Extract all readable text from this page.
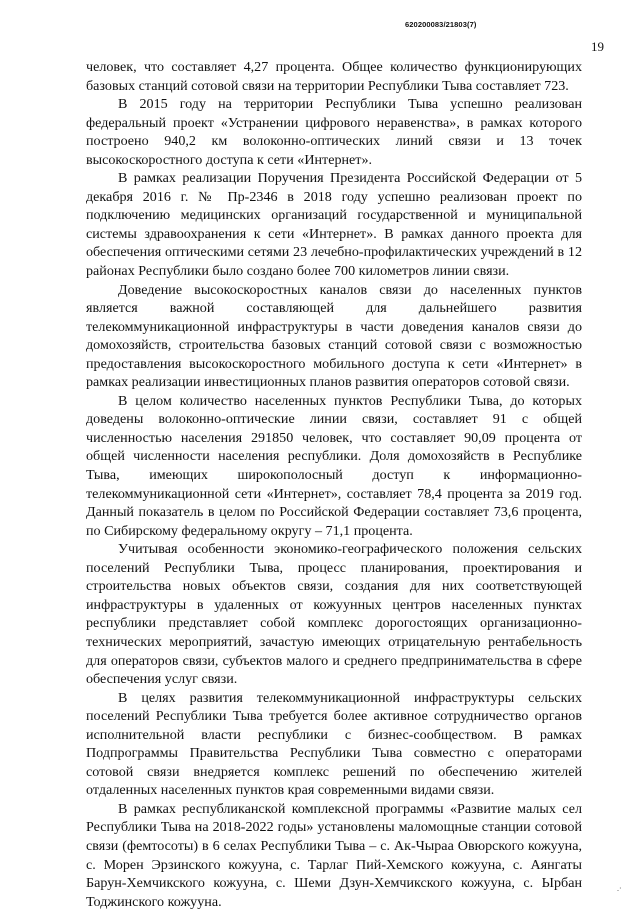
620200083/21803(7)
19

человек, что составляет 4,27 процента. Общее количество функционирующих базовых станций сотовой связи на территории Республики Тыва составляет 723.

В 2015 году на территории Республики Тыва успешно реализован федеральный проект «Устранении цифрового неравенства», в рамках которого построено 940,2 км волоконно-оптических линий связи и 13 точек высокоскоростного доступа к сети «Интернет».

В рамках реализации Поручения Президента Российской Федерации от 5 декабря 2016 г. № Пр-2346 в 2018 году успешно реализован проект по подключению медицинских организаций государственной и муниципальной системы здравоохранения к сети «Интернет». В рамках данного проекта для обеспечения оптическими сетями 23 лечебно-профилактических учреждений в 12 районах Республики было создано более 700 километров линии связи.

Доведение высокоскоростных каналов связи до населенных пунктов является важной составляющей для дальнейшего развития телекоммуникационной инфраструктуры в части доведения каналов связи до домохозяйств, строительства базовых станций сотовой связи с возможностью предоставления высокоскоростного мобильного доступа к сети «Интернет» в рамках реализации инвестиционных планов развития операторов сотовой связи.

В целом количество населенных пунктов Республики Тыва, до которых доведены волоконно-оптические линии связи, составляет 91 с общей численностью населения 291850 человек, что составляет 90,09 процента от общей численности населения республики. Доля домохозяйств в Республике Тыва, имеющих широкополосный доступ к информационно-телекоммуникационной сети «Интернет», составляет 78,4 процента за 2019 год. Данный показатель в целом по Российской Федерации составляет 73,6 процента, по Сибирскому федеральному округу – 71,1 процента.

Учитывая особенности экономико-географического положения сельских поселений Республики Тыва, процесс планирования, проектирования и строительства новых объектов связи, создания для них соответствующей инфраструктуры в удаленных от кожуунных центров населенных пунктах республики представляет собой комплекс дорогостоящих организационно-технических мероприятий, зачастую имеющих отрицательную рентабельность для операторов связи, субъектов малого и среднего предпринимательства в сфере обеспечения услуг связи.

В целях развития телекоммуникационной инфраструктуры сельских поселений Республики Тыва требуется более активное сотрудничество органов исполнительной власти республики с бизнес-сообществом. В рамках Подпрограммы Правительства Республики Тыва совместно с операторами сотовой связи внедряется комплекс решений по обеспечению жителей отдаленных населенных пунктов края современными видами связи.

В рамках республиканской комплексной программы «Развитие малых сел Республики Тыва на 2018-2022 годы» установлены маломощные станции сотовой связи (фемтосоты) в 6 селах Республики Тыва – с. Ак-Чыраа Овюрского кожууна, с. Морен Эрзинского кожууна, с. Тарлаг Пий-Хемского кожууна, с. Аянгаты Барун-Хемчикского кожууна, с. Шеми Дзун-Хемчикского кожууна, с. Ырбан Тоджинского кожууна.

.·
